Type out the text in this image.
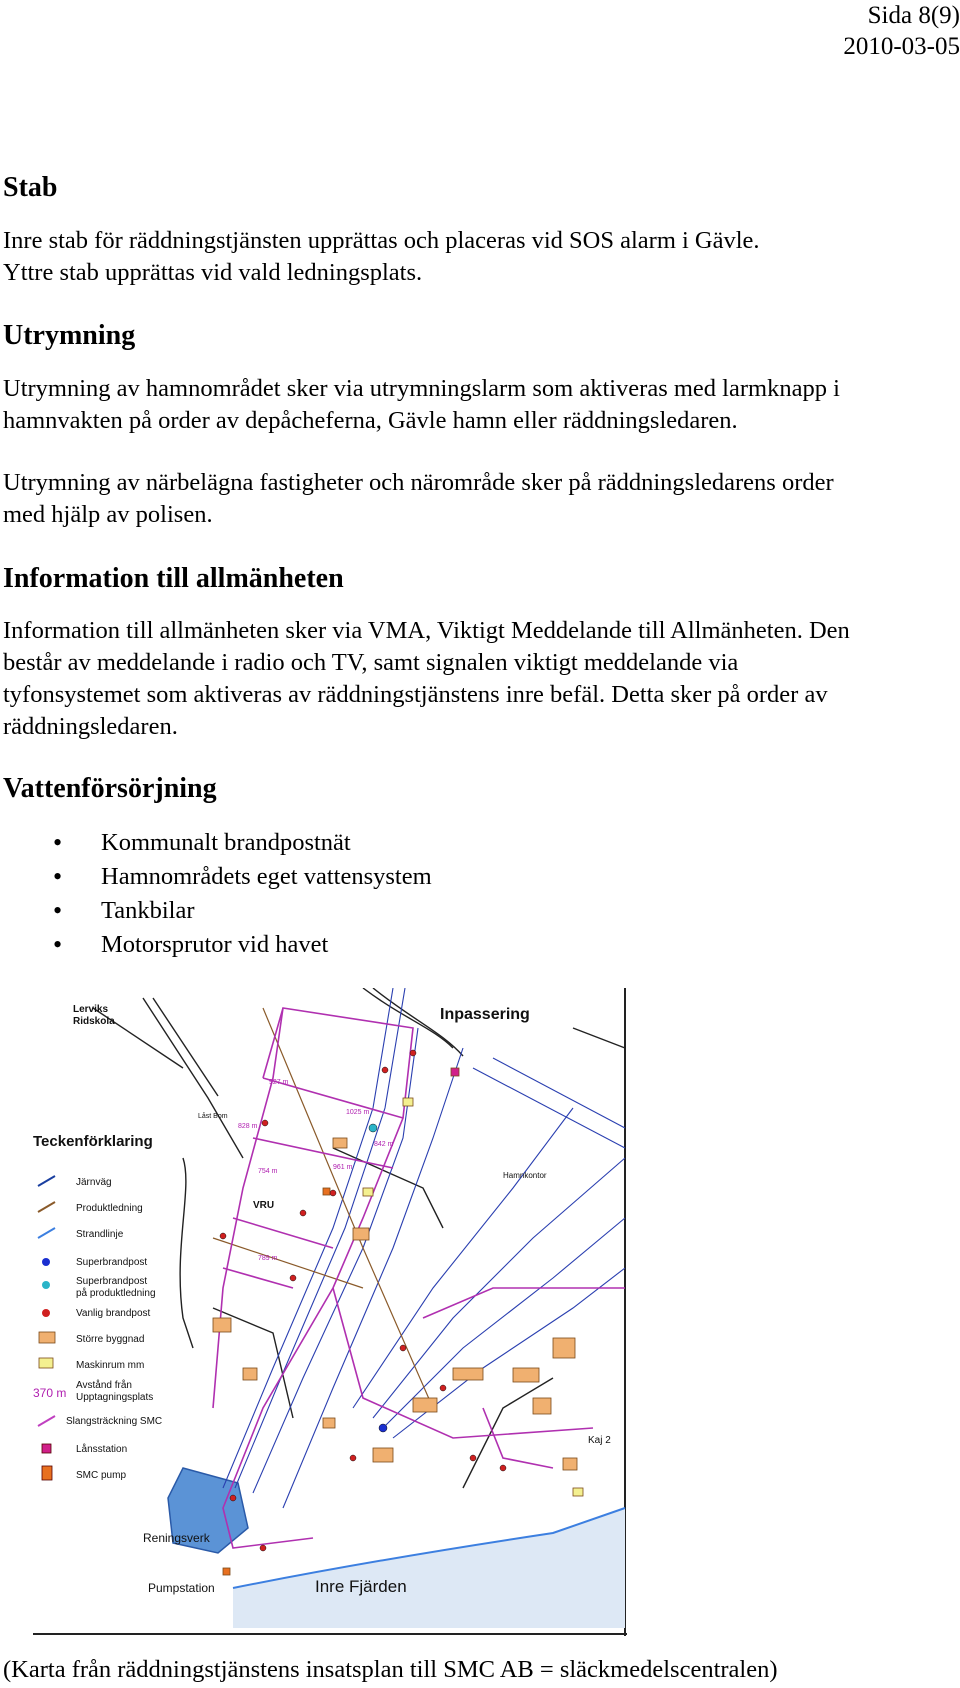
Sida 8(9)
2010-03-05
Stab
Inre stab för räddningstjänsten upprättas och placeras vid SOS alarm i Gävle.
Yttre stab upprättas vid vald ledningsplats.
Utrymning
Utrymning av hamnområdet sker via utrymningslarm som aktiveras med larmknapp i
hamnvakten på order av depåcheferna, Gävle hamn eller räddningsledaren.
Utrymning av närbelägna fastigheter och närområde sker på räddningsledarens order
med hjälp av polisen.
Information till allmänheten
Information till allmänheten sker via VMA, Viktigt Meddelande till Allmänheten. Den
består av meddelande i radio och TV, samt signalen viktigt meddelande via
tyfonsystemet som aktiveras av räddningstjänstens inre befäl. Detta sker på order av
räddningsledaren.
Vattenförsörjning
• Kommunalt brandpostnät
• Hamnområdets eget vattensystem
• Tankbilar
• Motorsprutor vid havet
Lerviks
Ridskola	Inpassering
VRU
Hamnkontor
Reningsverk
Pumpstation	Inre Fjärden
Kaj 2
Låst Bom
927 m
1025 m
842 m
828 m
961 m
754 m
789 m
Teckenförklaring
Järnväg
Produktledning
Strandlinje
Superbrandpost
Superbrandpost på produktledning
Vanlig brandpost
Större byggnad
Maskinrum mm
370 m
Avstånd från Upptagningsplats
Slangsträckning SMC
Lånsstation
SMC pump
(Karta från räddningstjänstens insatsplan till SMC AB = släckmedelscentralen)
